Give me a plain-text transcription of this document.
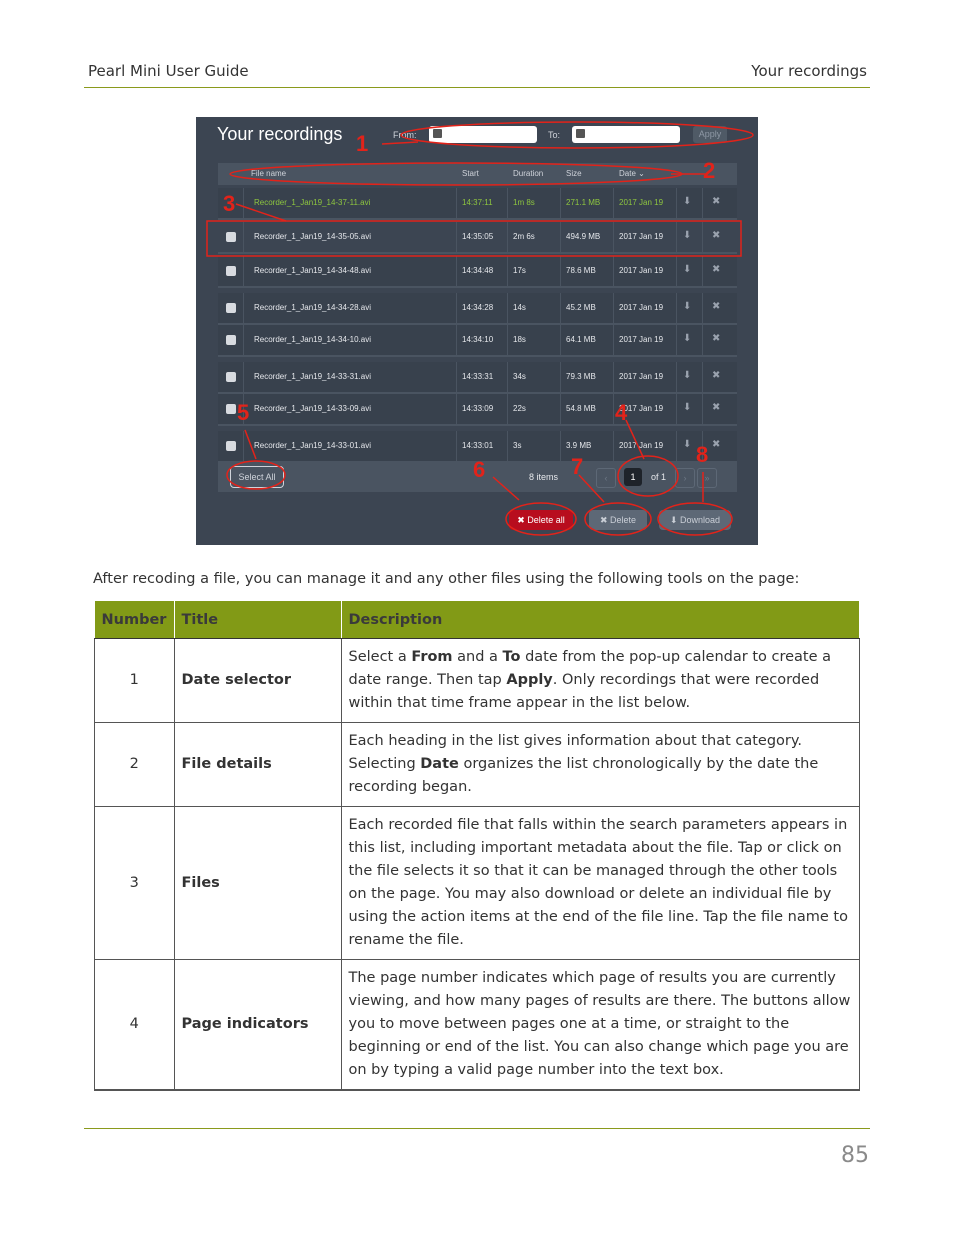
Pearl Mini User Guide	Your recordings
Your recordings	From:	To:	Apply
File name	Start	Duration	Size	Date ⌄
Recorder_1_Jan19_14-37-11.avi	14:37:11	1m 8s	271.1 MB 2017 Jan 19 ⬇ ✖
Recorder_1_Jan19_14-35-05.avi	14:35:05 2m 6s	494.9 MB 2017 Jan 19 ⬇ ✖
Recorder_1_Jan19_14-34-48.avi	14:34:48 17s	78.6 MB	2017 Jan 19 ⬇ ✖
Recorder_1_Jan19_14-34-28.avi	14:34:28 14s	45.2 MB	2017 Jan 19 ⬇ ✖
Recorder_1_Jan19_14-34-10.avi	14:34:10 18s	64.1 MB	2017 Jan 19 ⬇ ✖
Recorder_1_Jan19_14-33-31.avi	14:33:31 34s	79.3 MB	2017 Jan 19 ⬇ ✖
Recorder_1_Jan19_14-33-09.avi	14:33:09 22s	54.8 MB	2017 Jan 19 ⬇ ✖
Recorder_1_Jan19_14-33-01.avi	14:33:01 3s	3.9 MB	2017 Jan 19 ⬇ ✖
Select All	8 items	‹	1	of 1	›	»
✖ Delete all	✖ Delete	⬇ Download
1
2
3
4
5
6	7	8
After recoding a file, you can manage it and any other files using the following tools on the page:
Number	Title	Description
1	Date selector	Select a From and a To date from the pop-up calendar to create a date range. Then tap Apply. Only recordings that were recorded within that time frame appear in the list below.
2	File details	Each heading in the list gives information about that category. Selecting Date organizes the list chronologically by the date the recording began.
3	Files	Each recorded file that falls within the search parameters appears in this list, including important metadata about the file. Tap or click on the file selects it so that it can be managed through the other tools on the page. You may also download or delete an individual file by using the action items at the end of the file line. Tap the file name to rename the file.
4	Page indicators	The page number indicates which page of results you are currently viewing, and how many pages of results are there. The buttons allow you to move between pages one at a time, or straight to the beginning or end of the list. You can also change which page you are on by typing a valid page number into the text box.
85
